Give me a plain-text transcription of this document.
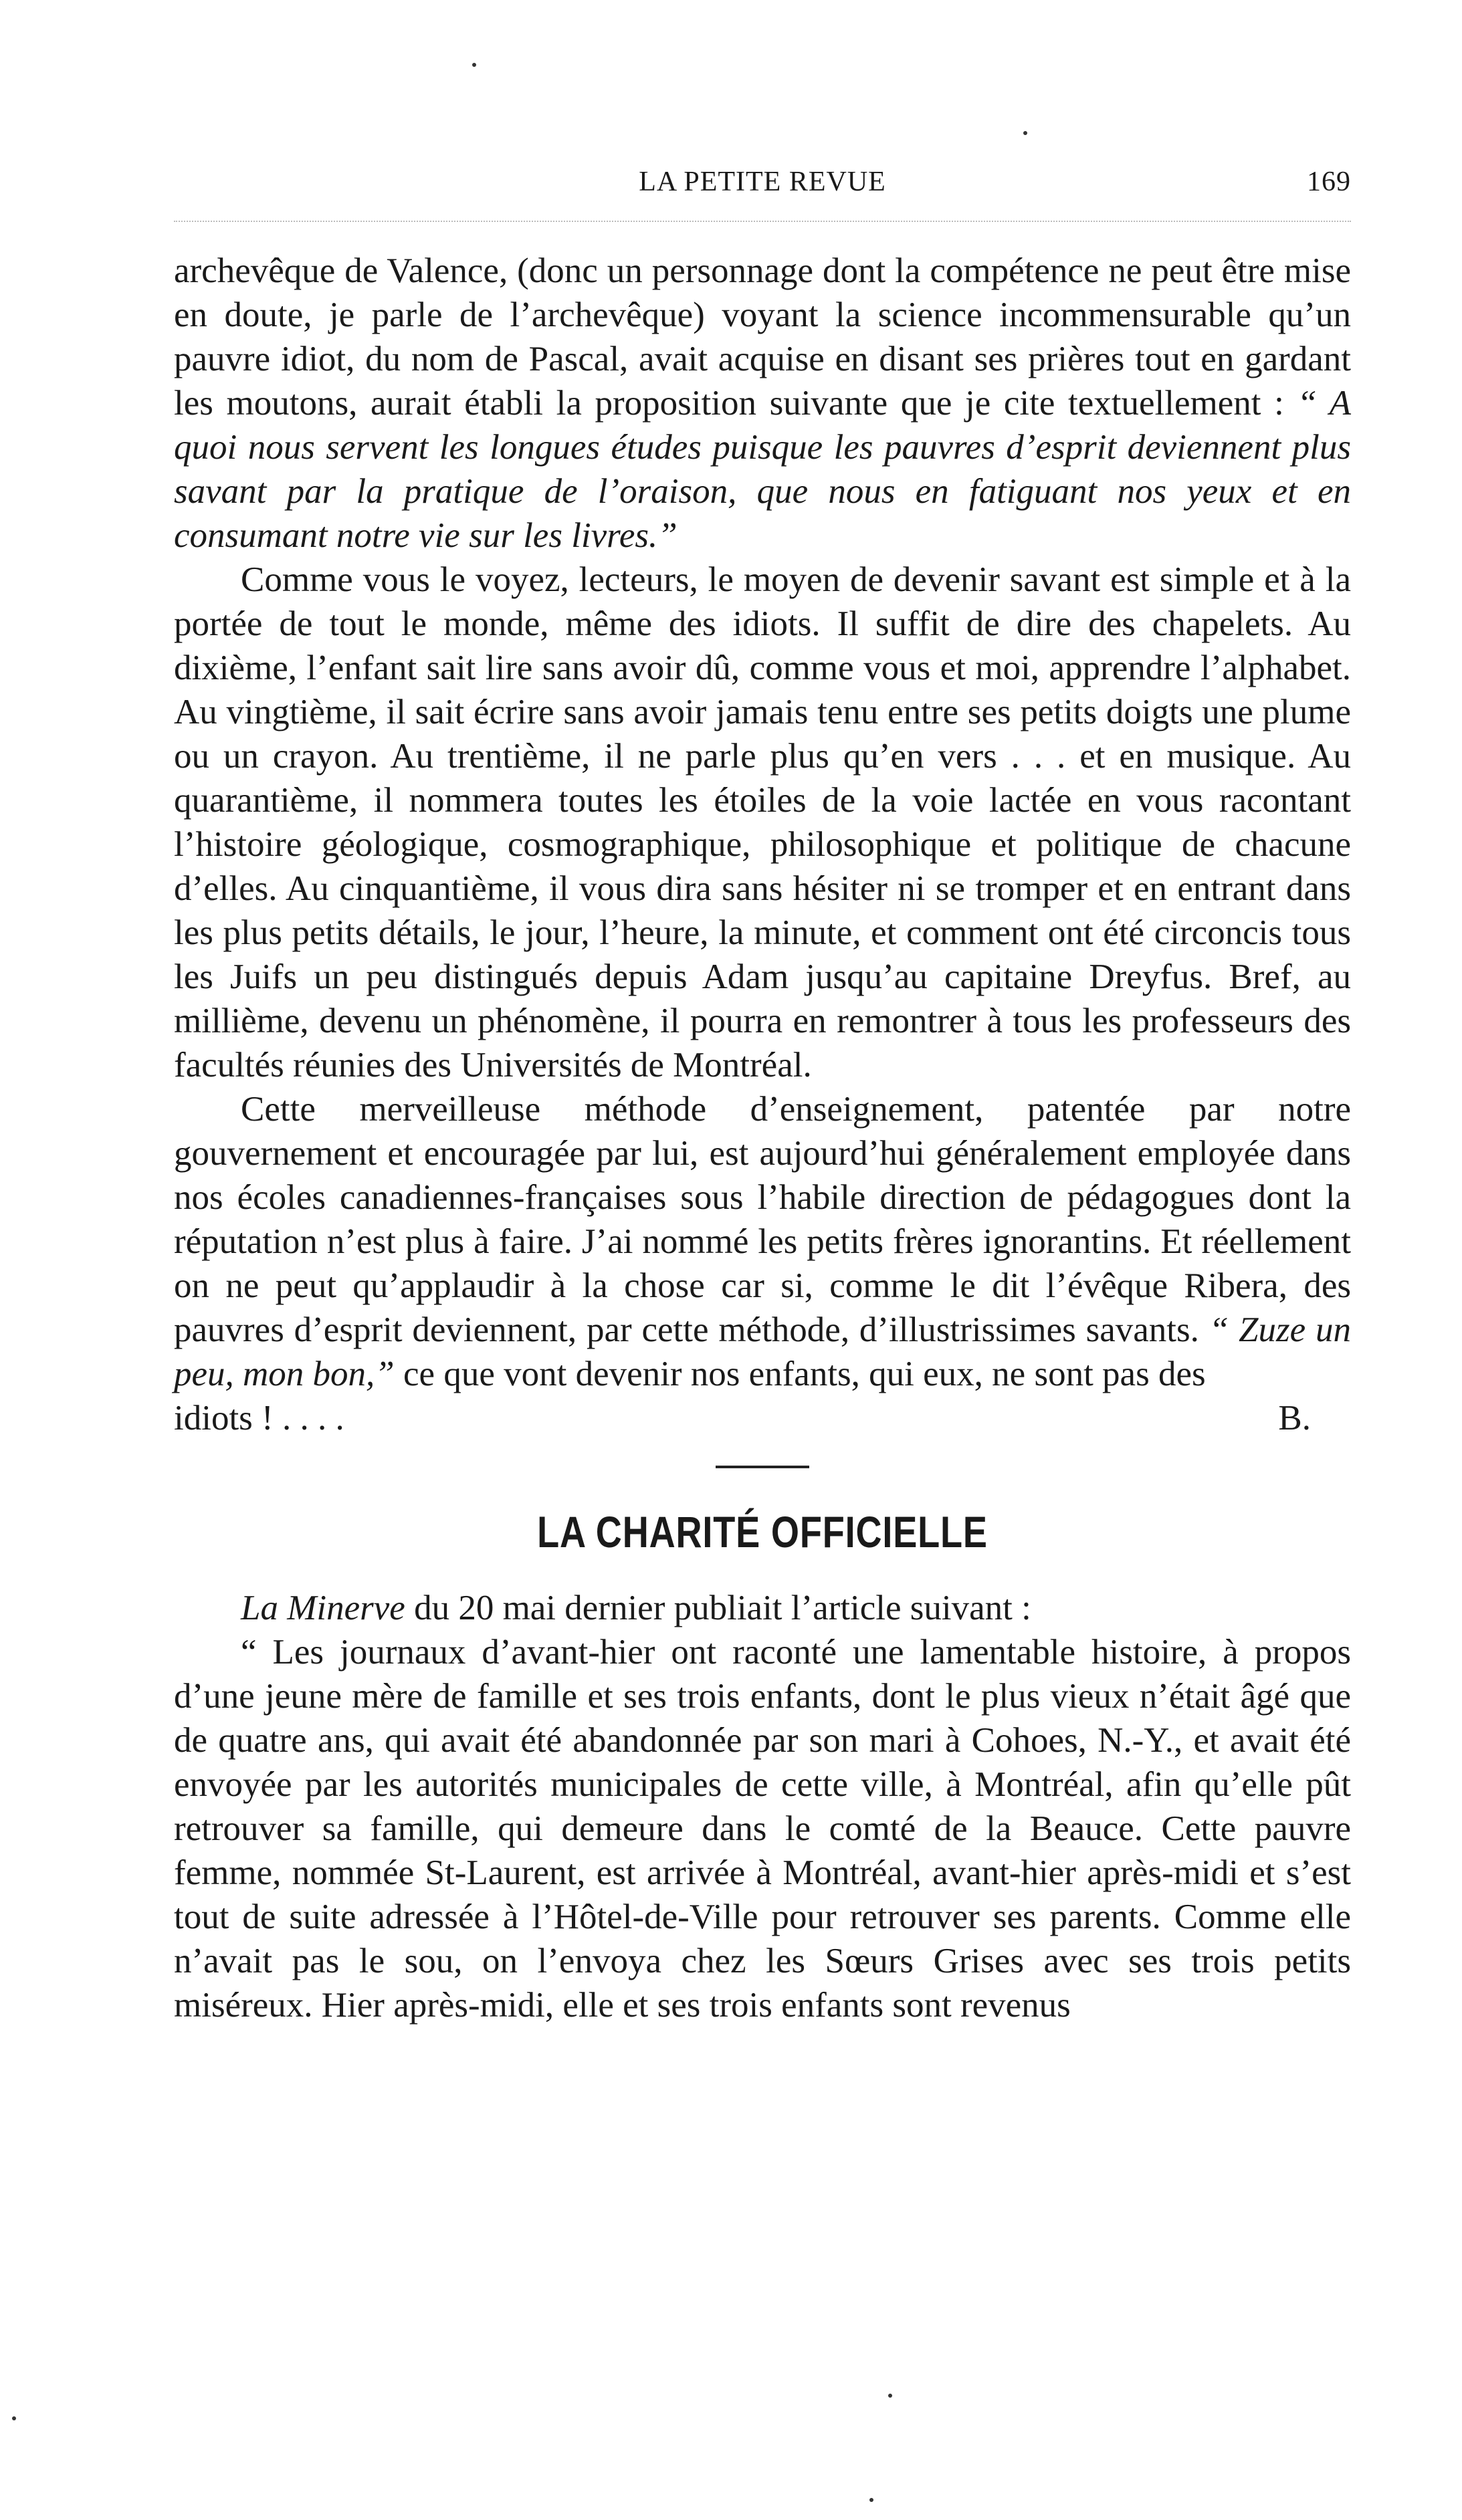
LA PETITE REVUE	169

archevêque de Valence, (donc un personnage dont la compétence ne peut être mise en doute, je parle de l’archevêque) voyant la science incommensurable qu’un pauvre idiot, du nom de Pascal, avait acquise en disant ses prières tout en gardant les moutons, aurait établi la proposition suivante que je cite textuellement : “ A quoi nous servent les longues études puisque les pauvres d’esprit deviennent plus savant par la pratique de l’oraison, que nous en fatiguant nos yeux et en consumant notre vie sur les livres.”

Comme vous le voyez, lecteurs, le moyen de devenir savant est simple et à la portée de tout le monde, même des idiots. Il suffit de dire des chapelets. Au dixième, l’enfant sait lire sans avoir dû, comme vous et moi, apprendre l’alphabet. Au vingtième, il sait écrire sans avoir jamais tenu entre ses petits doigts une plume ou un crayon. Au trentième, il ne parle plus qu’en vers . . . et en musique. Au quarantième, il nommera toutes les étoiles de la voie lactée en vous racontant l’histoire géologique, cosmographique, philosophique et politique de chacune d’elles. Au cinquantième, il vous dira sans hésiter ni se tromper et en entrant dans les plus petits détails, le jour, l’heure, la minute, et comment ont été circoncis tous les Juifs un peu distingués depuis Adam jusqu’au capitaine Dreyfus. Bref, au millième, devenu un phénomène, il pourra en remontrer à tous les professeurs des facultés réunies des Universités de Montréal.

Cette merveilleuse méthode d’enseignement, patentée par notre gouvernement et encouragée par lui, est aujourd’hui généralement employée dans nos écoles canadiennes-françaises sous l’habile direction de pédagogues dont la réputation n’est plus à faire. J’ai nommé les petits frères ignorantins. Et réellement on ne peut qu’applaudir à la chose car si, comme le dit l’évêque Ribera, des pauvres d’esprit deviennent, par cette méthode, d’illustrissimes savants. “ Zuze un peu, mon bon,” ce que vont devenir nos enfants, qui eux, ne sont pas des

idiots ! . . . .	B.
LA CHARITÉ OFFICIELLE

La Minerve du 20 mai dernier publiait l’article suivant :

“ Les journaux d’avant-hier ont raconté une lamentable histoire, à propos d’une jeune mère de famille et ses trois enfants, dont le plus vieux n’était âgé que de quatre ans, qui avait été abandonnée par son mari à Cohoes, N.-Y., et avait été envoyée par les autorités municipales de cette ville, à Montréal, afin qu’elle pût retrouver sa famille, qui demeure dans le comté de la Beauce. Cette pauvre femme, nommée St-Laurent, est arrivée à Montréal, avant-hier après-midi et s’est tout de suite adressée à l’Hôtel-de-Ville pour retrouver ses parents. Comme elle n’avait pas le sou, on l’envoya chez les Sœurs Grises avec ses trois petits miséreux. Hier après-midi, elle et ses trois enfants sont revenus
